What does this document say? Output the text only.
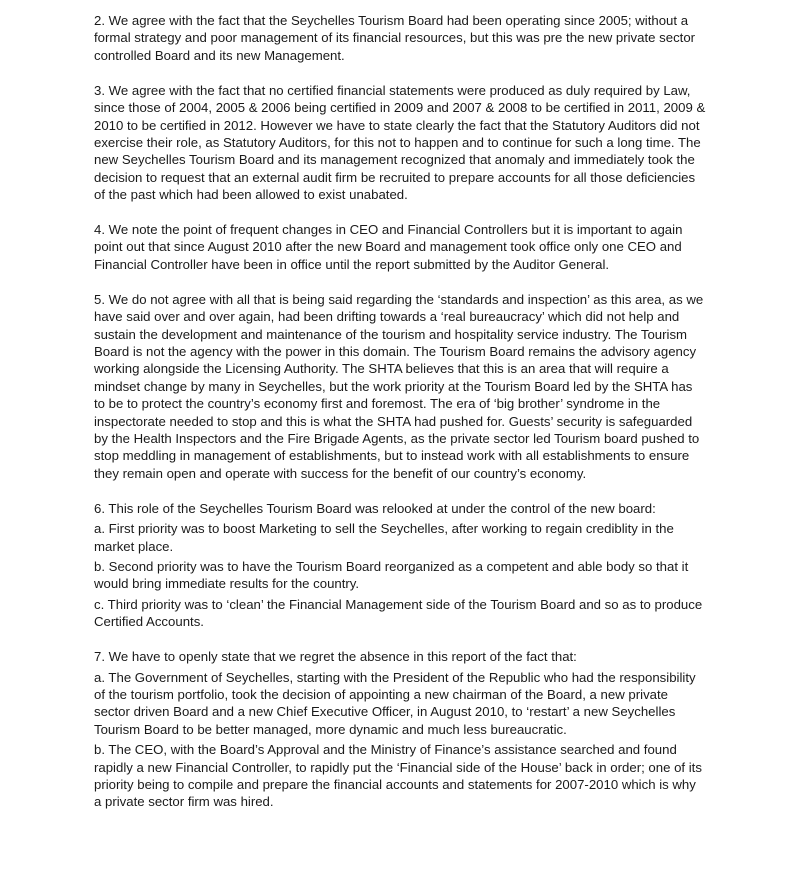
2. We agree with the fact that the Seychelles Tourism Board had been operating since 2005; without a formal strategy and poor management of its financial resources, but this was pre the new private sector controlled Board and its new Management.

3. We agree with the fact that no certified financial statements were produced as duly required by Law, since those of 2004, 2005 & 2006 being certified in 2009 and 2007 & 2008 to be certified in 2011, 2009 & 2010 to be certified in 2012. However we have to state clearly the fact that the Statutory Auditors did not exercise their role, as Statutory Auditors, for this not to happen and to continue for such a long time. The new Seychelles Tourism Board and its management recognized that anomaly and immediately took the decision to request that an external audit firm be recruited to prepare accounts for all those deficiencies of the past which had been allowed to exist unabated.

4. We note the point of frequent changes in CEO and Financial Controllers but it is important to again point out that since August 2010 after the new Board and management took office only one CEO and Financial Controller have been in office until the report submitted by the Auditor General.

5. We do not agree with all that is being said regarding the ‘standards and inspection’ as this area, as we have said over and over again, had been drifting towards a ‘real bureaucracy’ which did not help and sustain the development and maintenance of the tourism and hospitality service industry. The Tourism Board is not the agency with the power in this domain. The Tourism Board remains the advisory agency working alongside the Licensing Authority. The SHTA believes that this is an area that will require a mindset change by many in Seychelles, but the work priority at the Tourism Board led by the SHTA has to be to protect the country’s economy first and foremost. The era of ‘big brother’ syndrome in the inspectorate needed to stop and this is what the SHTA had pushed for. Guests’ security is safeguarded by the Health Inspectors and the Fire Brigade Agents, as the private sector led Tourism board pushed to stop meddling in management of establishments, but to instead work with all establishments to ensure they remain open and operate with success for the benefit of our country’s economy.

6. This role of the Seychelles Tourism Board was relooked at under the control of the new board:

a. First priority was to boost Marketing to sell the Seychelles, after working to regain crediblity in the market place.

b. Second priority was to have the Tourism Board reorganized as a competent and able body so that it would bring immediate results for the country.

c. Third priority was to ‘clean’ the Financial Management side of the Tourism Board and so as to produce Certified Accounts.

7. We have to openly state that we regret the absence in this report of the fact that:

a. The Government of Seychelles, starting with the President of the Republic who had the responsibility of the tourism portfolio, took the decision of appointing a new chairman of the Board, a new private sector driven Board and a new Chief Executive Officer, in August 2010, to ‘restart’ a new Seychelles Tourism Board to be better managed, more dynamic and much less bureaucratic.

b. The CEO, with the Board’s Approval and the Ministry of Finance’s assistance searched and found rapidly a new Financial Controller, to rapidly put the ‘Financial side of the House’ back in order; one of its priority being to compile and prepare the financial accounts and statements for 2007-2010 which is why a private sector firm was hired.
